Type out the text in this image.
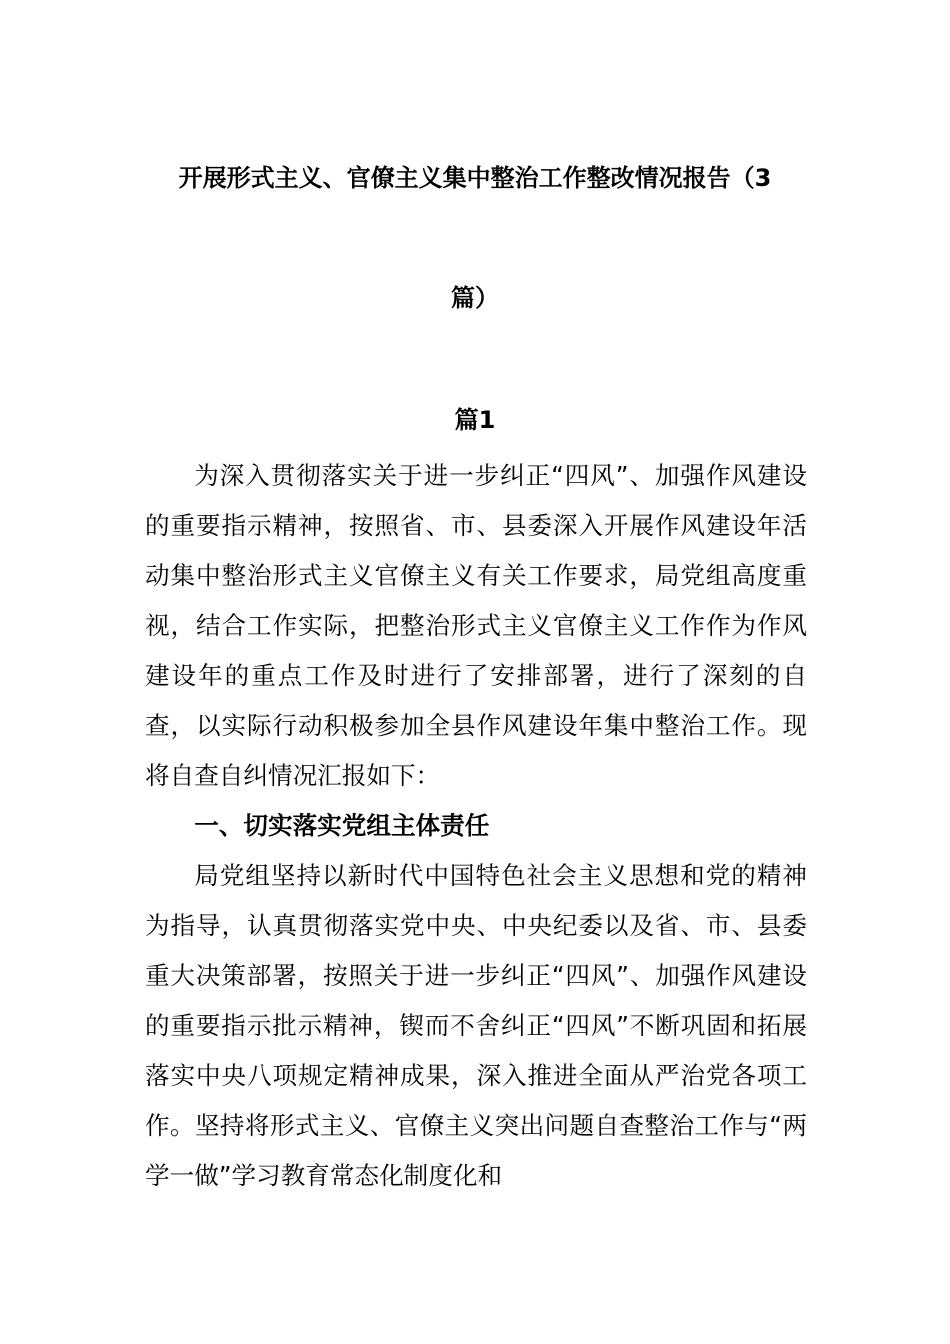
开展形式主义、官僚主义集中整治工作整改情况报告（3
篇）
篇1

为深入贯彻落实关于进一步纠正“四风”、加强作风建设的重要指示精神，按照省、市、县委深入开展作风建设年活动集中整治形式主义官僚主义有关工作要求，局党组高度重视，结合工作实际，把整治形式主义官僚主义工作作为作风建设年的重点工作及时进行了安排部署，进行了深刻的自查，以实际行动积极参加全县作风建设年集中整治工作。现将自查自纠情况汇报如下：

一、切实落实党组主体责任

局党组坚持以新时代中国特色社会主义思想和党的精神为指导，认真贯彻落实党中央、中央纪委以及省、市、县委重大决策部署，按照关于进一步纠正“四风”、加强作风建设的重要指示批示精神，锲而不舍纠正“四风”不断巩固和拓展落实中央八项规定精神成果，深入推进全面从严治党各项工作。坚持将形式主义、官僚主义突出问题自查整治工作与“两学一做”学习教育常态化制度化和
